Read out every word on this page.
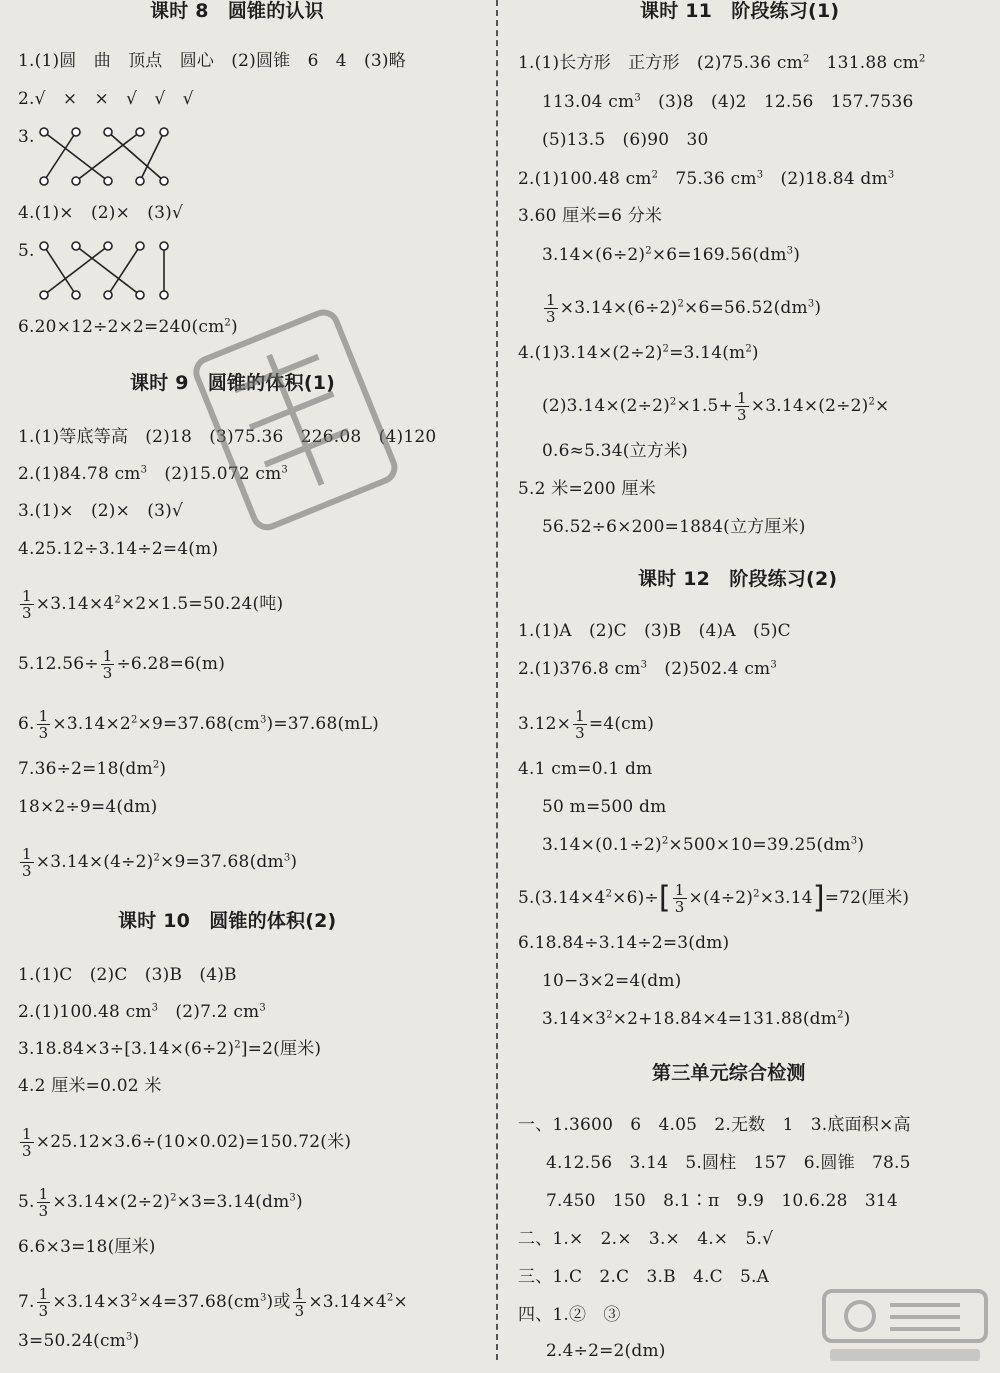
课时 8　圆锥的认识
1.(1)圆　曲　顶点　圆心　(2)圆锥　6　4　(3)略
2.√　×　×　√　√　√
3.
4.(1)×　(2)×　(3)√
5.
$6.20\times 12\div 2\times 2=240(cm^2)$
课时 9　圆锥的体积(1)
1.(1)等底等高　(2)18　(3)75.36　226.08　(4)120
2.(1)84.78 $cm^3$　(2)15.072 $cm^3$
3.(1)×　(2)×　(3)√
4.25.12÷3.14÷2=4(m)
$\frac{1}{3} \times 3.14\times 4^2\times 2\times 1.5=50.24$(吨)
$5.12.56\div \frac{1}{3} \div 6.28=6(m)$
6. $\frac{1}{3} \times 3.14\times 2^2\times 9=37.68(cm^3)=37.68(mL)$
$7.36\div 2=18(dm^2)$
18×2÷9=4(dm)
$\frac{1}{3} \times 3.14\times(4\div 2)^2\times 9=37.68(dm^3)$
课时 10　圆锥的体积(2)
1.(1)C　(2)C　(3)B　(4)B
2.(1)100.48 $cm^3$　(2)7.2 $cm^3$
$3.18.84\times 3\div[3.14\times(6\div 2)^2]=2$(厘米)
4.2 厘米=0.02 米
$\frac{1}{3} \times 25.12\times 3.6\div(10\times 0.02)=150.72$(米)
5. $\frac{1}{3} \times 3.14\times(2\div 2)^2\times 3=3.14(dm^3)$
6.6×3=18(厘米)
7. $\frac{1}{3} \times 3.14\times 3^2\times 4=37.68(cm^3)$或 $\frac{1}{3} \times 3.14\times 4^2\times$
$3=50.24(cm^3)$
课时 11　阶段练习(1)
1.(1)长方形　正方形　(2)75.36 $cm^2$　131.88 $cm^2$
113.04 $cm^3$　(3)8　(4)2　12.56　157.7536
(5)13.5　(6)90　30
2.(1)100.48 $cm^2$　75.36 $cm^3$　(2)18.84 $dm^3$
3.60 厘米=6 分米
$3.14\times(6\div 2)^2\times 6=169.56(dm^3)$
$\frac{1}{3} \times 3.14\times(6\div 2)^2\times 6=56.52(dm^3)$
$4.(1)3.14\times(2\div 2)^2=3.14(m^2)$
$(2)3.14\times(2\div 2)^2\times 1.5+ \frac{1}{3} \times 3.14\times(2\div 2)^2\times$
0.6≈5.34(立方米)
5.2 米=200 厘米
56.52÷6×200=1884(立方厘米)
课时 12　阶段练习(2)
1.(1)A　(2)C　(3)B　(4)A　(5)C
2.(1)376.8 $cm^3$　(2)502.4 $cm^3$
$3.12\times \frac{1}{3} =4(cm)$
4.1 cm=0.1 dm
50 m=500 dm
$3.14\times(0.1\div 2)^2\times 500\times 10=39.25(dm^3)$
$5.(3.14\times 4^2\times 6)\div[ \frac{1}{3} \times(4\div 2)^2\times 3.14]=72$(厘米)
6.18.84÷3.14÷2=3(dm)
10−3×2=4(dm)
$3.14\times 3^2\times 2+18.84\times 4=131.88(dm^2)$
第三单元综合检测
一、1.3600　6　4.05　2.无数　1　3.底面积×高
4.12.56　3.14　5.圆柱　157　6.圆锥　78.5
7.450　150　8.1∶π　9.9　10.6.28　314
二、1.×　2.×　3.×　4.×　5.√
三、1.C　2.C　3.B　4.C　5.A
四、1.②　③
2.4÷2=2(dm)
